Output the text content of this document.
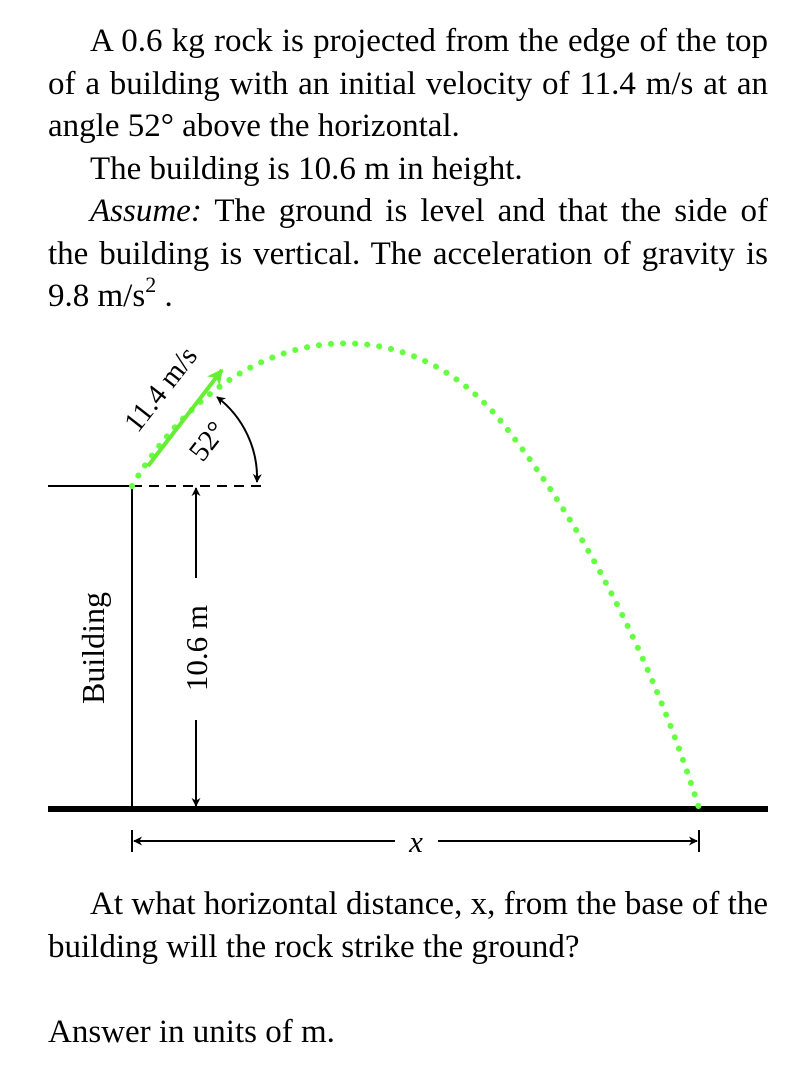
A 0.6 kg rock is projected from the edge of the top of a building with an initial velocity of 11.4 m/s at an angle 52° above the horizontal.

The building is 10.6 m in height.

Assume: The ground is level and that the side of the building is vertical. The acceleration of gravity is 9.8 $m/s^2$ .

Building 10.6 m
x
11.4 m/s
52°

At what horizontal distance, x, from the base of the building will the rock strike the ground?

Answer in units of m.
